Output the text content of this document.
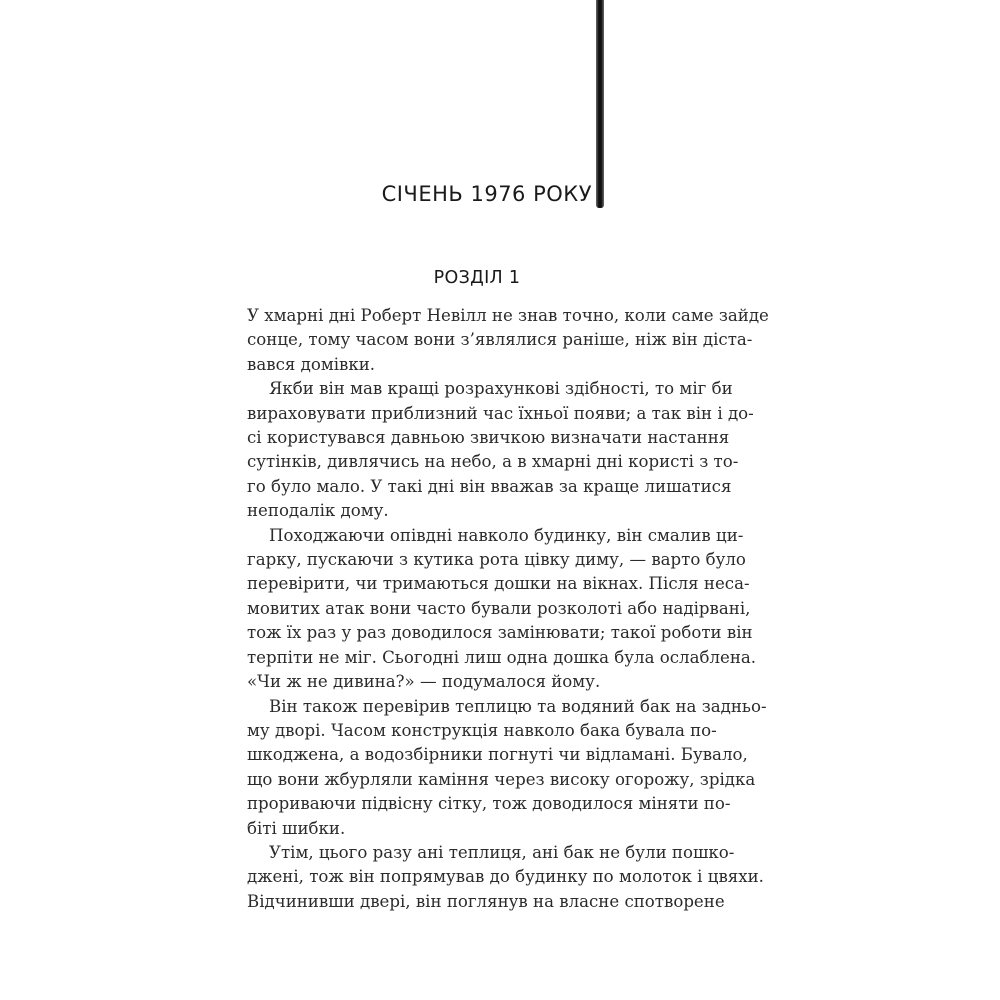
СІЧЕНЬ 1976 РОКУ
РОЗДІЛ 1
У хмарні дні Роберт Невілл не знав точно, коли саме зайде
сонце, тому часом вони з’являлися раніше, ніж він діста-
вався домівки.
Якби він мав кращі розрахункові здібності, то міг би
вираховувати приблизний час їхньої появи; а так він і до-
сі користувався давньою звичкою визначати настання
сутінків, дивлячись на небо, а в хмарні дні користі з то-
го було мало. У такі дні він вважав за краще лишатися
неподалік дому.
Походжаючи опівдні навколо будинку, він смалив ци-
гарку, пускаючи з кутика рота цівку диму, — варто було
перевірити, чи тримаються дошки на вікнах. Після неса-
мовитих атак вони часто бували розколоті або надірвані,
тож їх раз у раз доводилося замінювати; такої роботи він
терпіти не міг. Сьогодні лиш одна дошка була ослаблена.
«Чи ж не дивина?» — подумалося йому.
Він також перевірив теплицю та водяний бак на задньо-
му дворі. Часом конструкція навколо бака бувала по-
шкоджена, а водозбірники погнуті чи відламані. Бувало,
що вони жбурляли каміння через високу огорожу, зрідка
прориваючи підвісну сітку, тож доводилося міняти по-
біті шибки.
Утім, цього разу ані теплиця, ані бак не були пошко-
джені, тож він попрямував до будинку по молоток і цвяхи.
Відчинивши двері, він поглянув на власне спотворене
